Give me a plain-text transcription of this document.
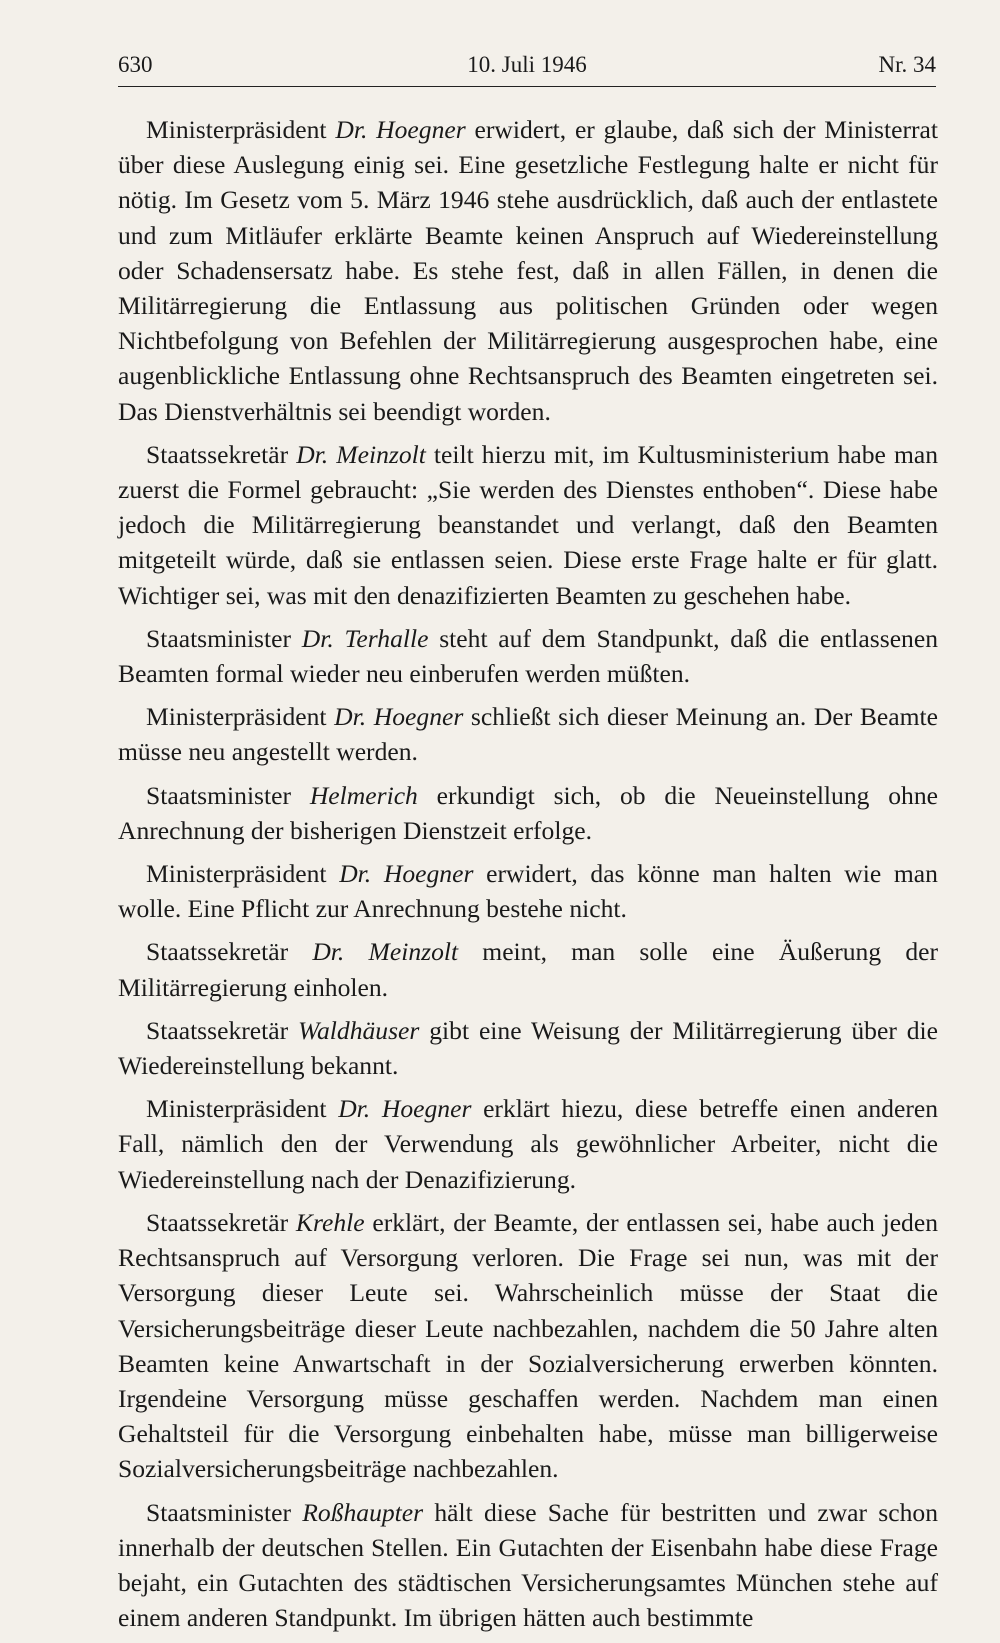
10. Juli 1946
630	Nr. 34

Ministerpräsident Dr. Hoegner erwidert, er glaube, daß sich der Ministerrat über diese Auslegung einig sei. Eine gesetzliche Festlegung halte er nicht für nötig. Im Gesetz vom 5. März 1946 stehe ausdrücklich, daß auch der entlastete und zum Mitläufer erklärte Beamte keinen Anspruch auf Wiedereinstellung oder Schadensersatz habe. Es stehe fest, daß in allen Fällen, in denen die Militärregierung die Entlassung aus politischen Gründen oder wegen Nichtbefolgung von Befehlen der Militärregierung ausgesprochen habe, eine augenblickliche Entlassung ohne Rechtsanspruch des Beamten eingetreten sei. Das Dienstverhältnis sei beendigt worden.

Staatssekretär Dr. Meinzolt teilt hierzu mit, im Kultusministerium habe man zuerst die Formel gebraucht: „Sie werden des Dienstes enthoben“. Diese habe jedoch die Militärregierung beanstandet und verlangt, daß den Beamten mitgeteilt würde, daß sie entlassen seien. Diese erste Frage halte er für glatt. Wichtiger sei, was mit den denazifizierten Beamten zu geschehen habe.

Staatsminister Dr. Terhalle steht auf dem Standpunkt, daß die entlassenen Beamten formal wieder neu einberufen werden müßten.

Ministerpräsident Dr. Hoegner schließt sich dieser Meinung an. Der Beamte müsse neu angestellt werden.

Staatsminister Helmerich erkundigt sich, ob die Neueinstellung ohne Anrechnung der bisherigen Dienstzeit erfolge.

Ministerpräsident Dr. Hoegner erwidert, das könne man halten wie man wolle. Eine Pflicht zur Anrechnung bestehe nicht.

Staatssekretär Dr. Meinzolt meint, man solle eine Äußerung der Militärregierung einholen.

Staatssekretär Waldhäuser gibt eine Weisung der Militärregierung über die Wiedereinstellung bekannt.

Ministerpräsident Dr. Hoegner erklärt hiezu, diese betreffe einen anderen Fall, nämlich den der Verwendung als gewöhnlicher Arbeiter, nicht die Wiedereinstellung nach der Denazifizierung.

Staatssekretär Krehle erklärt, der Beamte, der entlassen sei, habe auch jeden Rechtsanspruch auf Versorgung verloren. Die Frage sei nun, was mit der Versorgung dieser Leute sei. Wahrscheinlich müsse der Staat die Versicherungsbeiträge dieser Leute nachbezahlen, nachdem die 50 Jahre alten Beamten keine Anwartschaft in der Sozialversicherung erwerben könnten. Irgendeine Versorgung müsse geschaffen werden. Nachdem man einen Gehaltsteil für die Versorgung einbehalten habe, müsse man billigerweise Sozialversicherungsbeiträge nachbezahlen.

Staatsminister Roßhaupter hält diese Sache für bestritten und zwar schon innerhalb der deutschen Stellen. Ein Gutachten der Eisenbahn habe diese Frage bejaht, ein Gutachten des städtischen Versicherungsamtes München stehe auf einem anderen Standpunkt. Im übrigen hätten auch bestimmte
